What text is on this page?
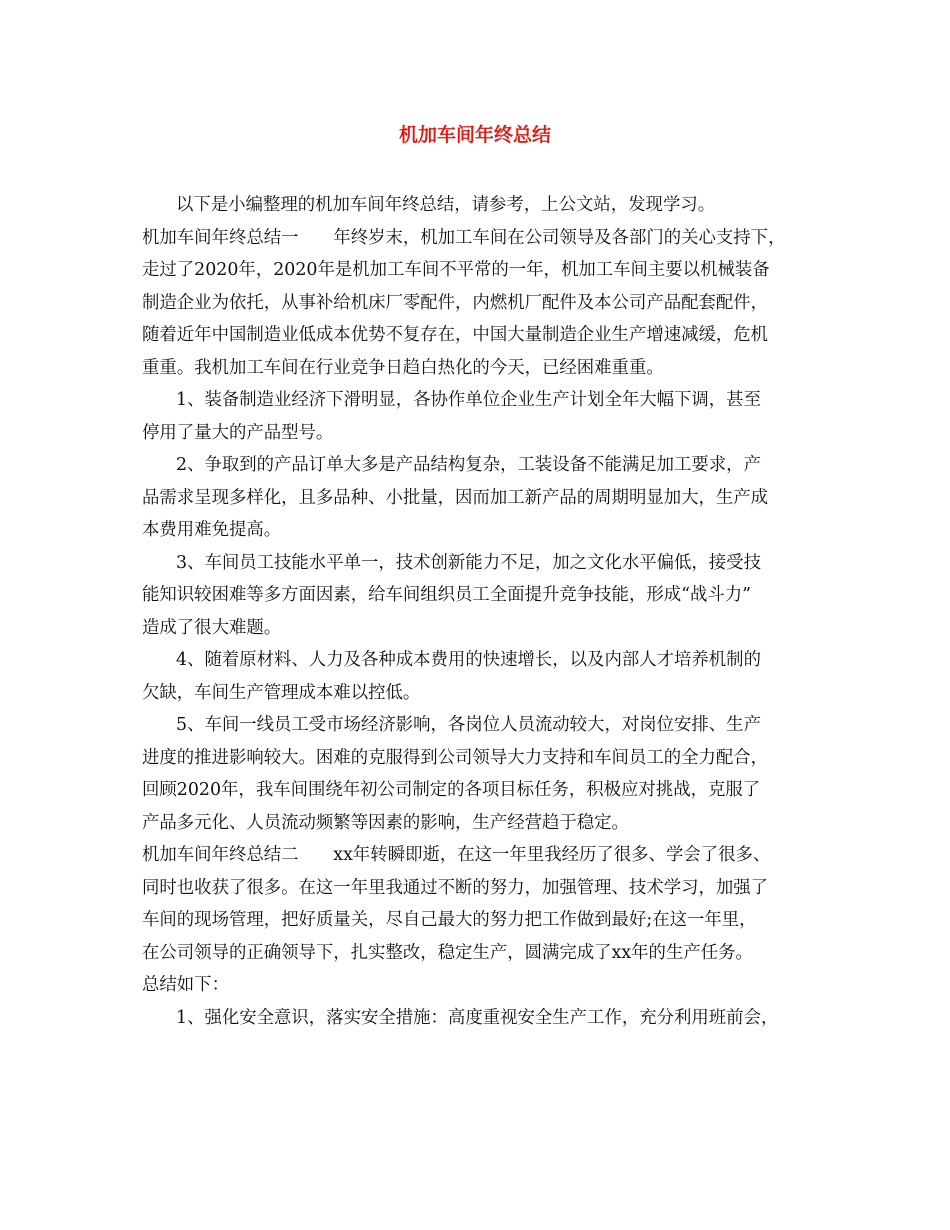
机加车间年终总结
以下是小编整理的机加车间年终总结，请参考，上公文站，发现学习。
机加车间年终总结一　　年终岁末，机加工车间在公司领导及各部门的关心支持下，
走过了2020年，2020年是机加工车间不平常的一年，机加工车间主要以机械装备
制造企业为依托，从事补给机床厂零配件，内燃机厂配件及本公司产品配套配件，
随着近年中国制造业低成本优势不复存在，中国大量制造企业生产增速减缓，危机
重重。我机加工车间在行业竞争日趋白热化的今天，已经困难重重。
1、装备制造业经济下滑明显，各协作单位企业生产计划全年大幅下调，甚至
停用了量大的产品型号。
2、争取到的产品订单大多是产品结构复杂，工装设备不能满足加工要求，产
品需求呈现多样化，且多品种、小批量，因而加工新产品的周期明显加大，生产成
本费用难免提高。
3、车间员工技能水平单一，技术创新能力不足，加之文化水平偏低，接受技
能知识较困难等多方面因素，给车间组织员工全面提升竞争技能，形成“战斗力”
造成了很大难题。
4、随着原材料、人力及各种成本费用的快速增长，以及内部人才培养机制的
欠缺，车间生产管理成本难以控低。
5、车间一线员工受市场经济影响，各岗位人员流动较大，对岗位安排、生产
进度的推进影响较大。困难的克服得到公司领导大力支持和车间员工的全力配合，
回顾2020年，我车间围绕年初公司制定的各项目标任务，积极应对挑战，克服了
产品多元化、人员流动频繁等因素的影响，生产经营趋于稳定。
机加车间年终总结二　　xx年转瞬即逝，在这一年里我经历了很多、学会了很多、
同时也收获了很多。在这一年里我通过不断的努力，加强管理、技术学习，加强了
车间的现场管理，把好质量关，尽自己最大的努力把工作做到最好;在这一年里，
在公司领导的正确领导下，扎实整改，稳定生产，圆满完成了xx年的生产任务。
总结如下：
1、强化安全意识，落实安全措施：高度重视安全生产工作，充分利用班前会，
